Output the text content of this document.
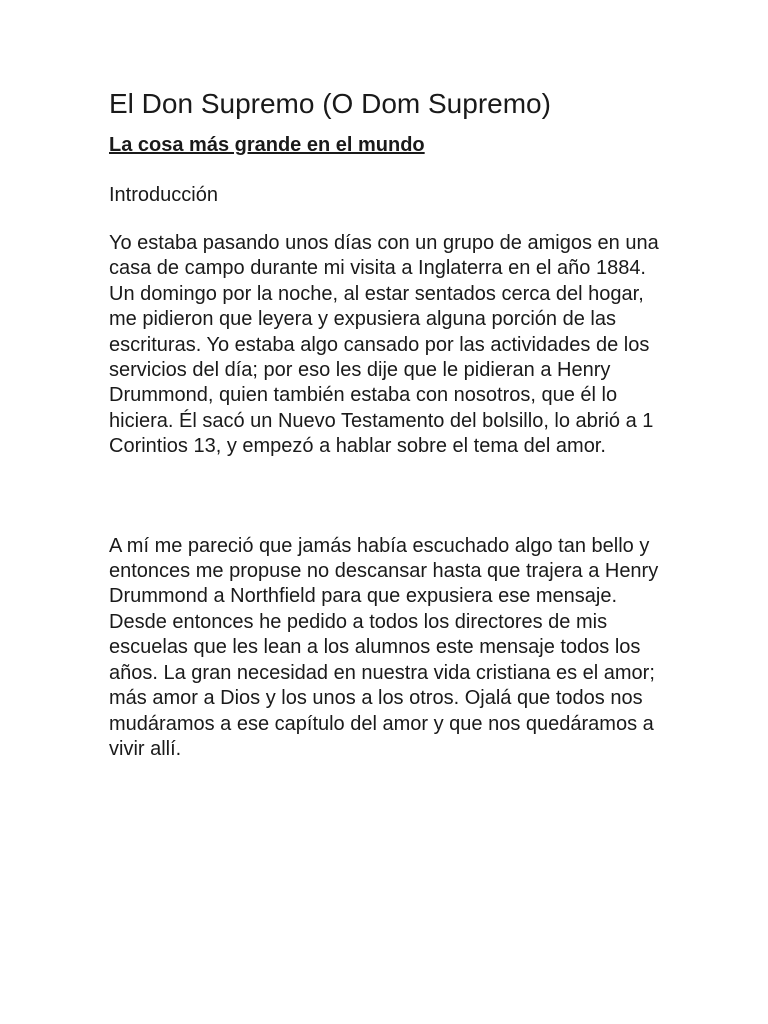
El Don Supremo (O Dom Supremo)
La cosa más grande en el mundo
Introducción

Yo estaba pasando unos días con un grupo de amigos en una casa de campo durante mi visita a Inglaterra en el año 1884. Un domingo por la noche, al estar sentados cerca del hogar, me pidieron que leyera y expusiera alguna porción de las escrituras. Yo estaba algo cansado por las actividades de los servicios del día; por eso les dije que le pidieran a Henry Drummond, quien también estaba con nosotros, que él lo hiciera. Él sacó un Nuevo Testamento del bolsillo, lo abrió a 1 Corintios 13, y empezó a hablar sobre el tema del amor.

A mí me pareció que jamás había escuchado algo tan bello y entonces me propuse no descansar hasta que trajera a Henry Drummond a Northfield para que expusiera ese mensaje. Desde entonces he pedido a todos los directores de mis escuelas que les lean a los alumnos este mensaje todos los años. La gran necesidad en nuestra vida cristiana es el amor; más amor a Dios y los unos a los otros. Ojalá que todos nos mudáramos a ese capítulo del amor y que nos quedáramos a vivir allí.
